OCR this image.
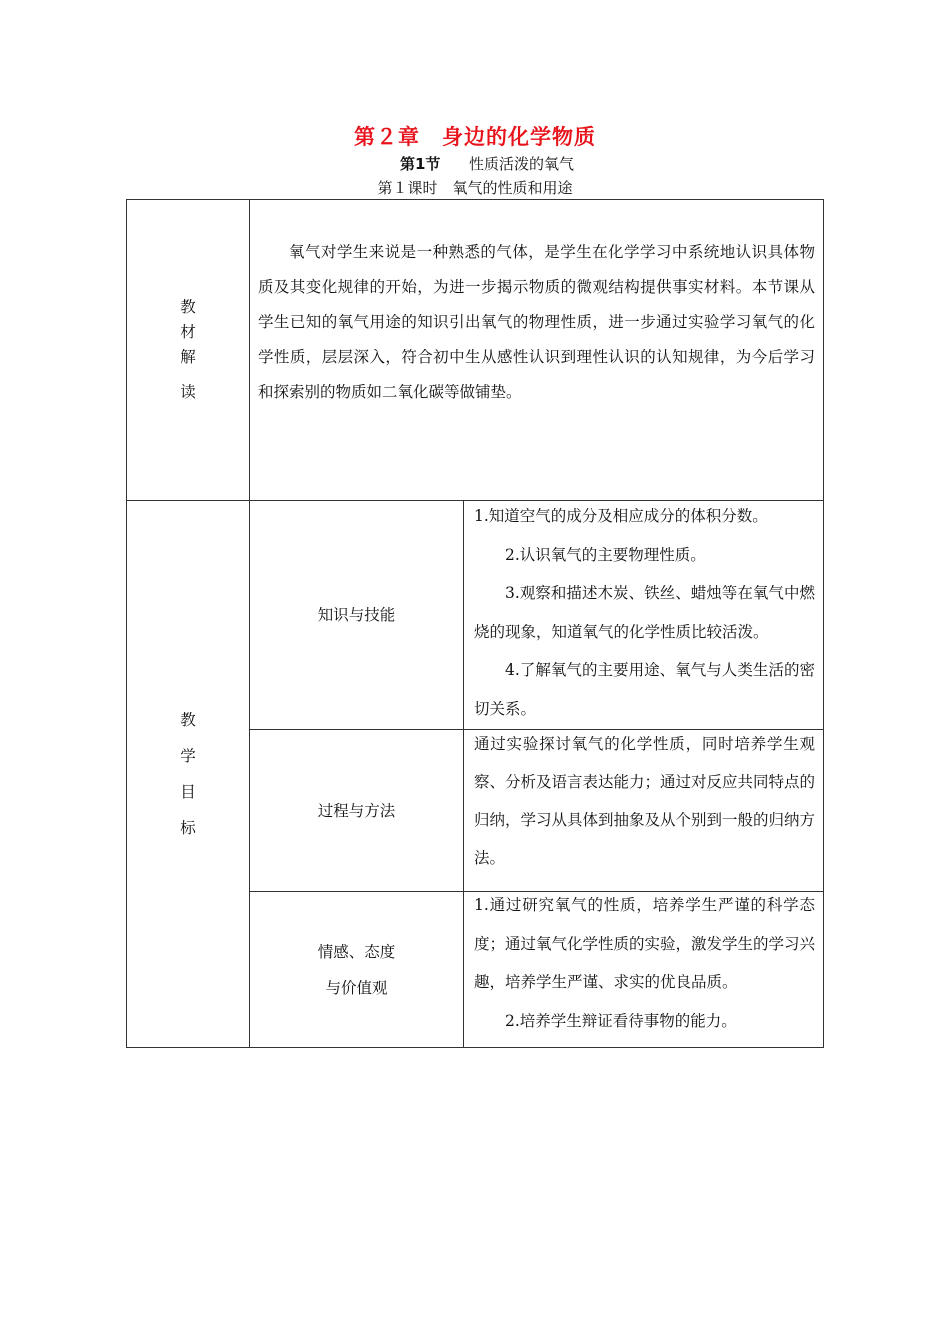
第２章　身边的化学物质
第1节 性质活泼的氧气
第１课时　氧气的性质和用途
教
材
解
读

氧气对学生来说是一种熟悉的气体，是学生在化学学习中系统地认识具体物质及其变化规律的开始，为进一步揭示物质的微观结构提供事实材料。本节课从学生已知的氧气用途的知识引出氧气的物理性质，进一步通过实验学习氧气的化学性质，层层深入，符合初中生从感性认识到理性认识的认知规律，为今后学习和探索别的物质如二氧化碳等做铺垫。

教
学
目
标
知识与技能

1.知道空气的成分及相应成分的体积分数。

2.认识氧气的主要物理性质。

3.观察和描述木炭、铁丝、蜡烛等在氧气中燃烧的现象，知道氧气的化学性质比较活泼。

4.了解氧气的主要用途、氧气与人类生活的密切关系。

过程与方法

通过实验探讨氧气的化学性质，同时培养学生观察、分析及语言表达能力；通过对反应共同特点的归纳，学习从具体到抽象及从个别到一般的归纳方法。

情感、态度
与价值观

1.通过研究氧气的性质，培养学生严谨的科学态度；通过氧气化学性质的实验，激发学生的学习兴趣，培养学生严谨、求实的优良品质。

2.培养学生辩证看待事物的能力。
